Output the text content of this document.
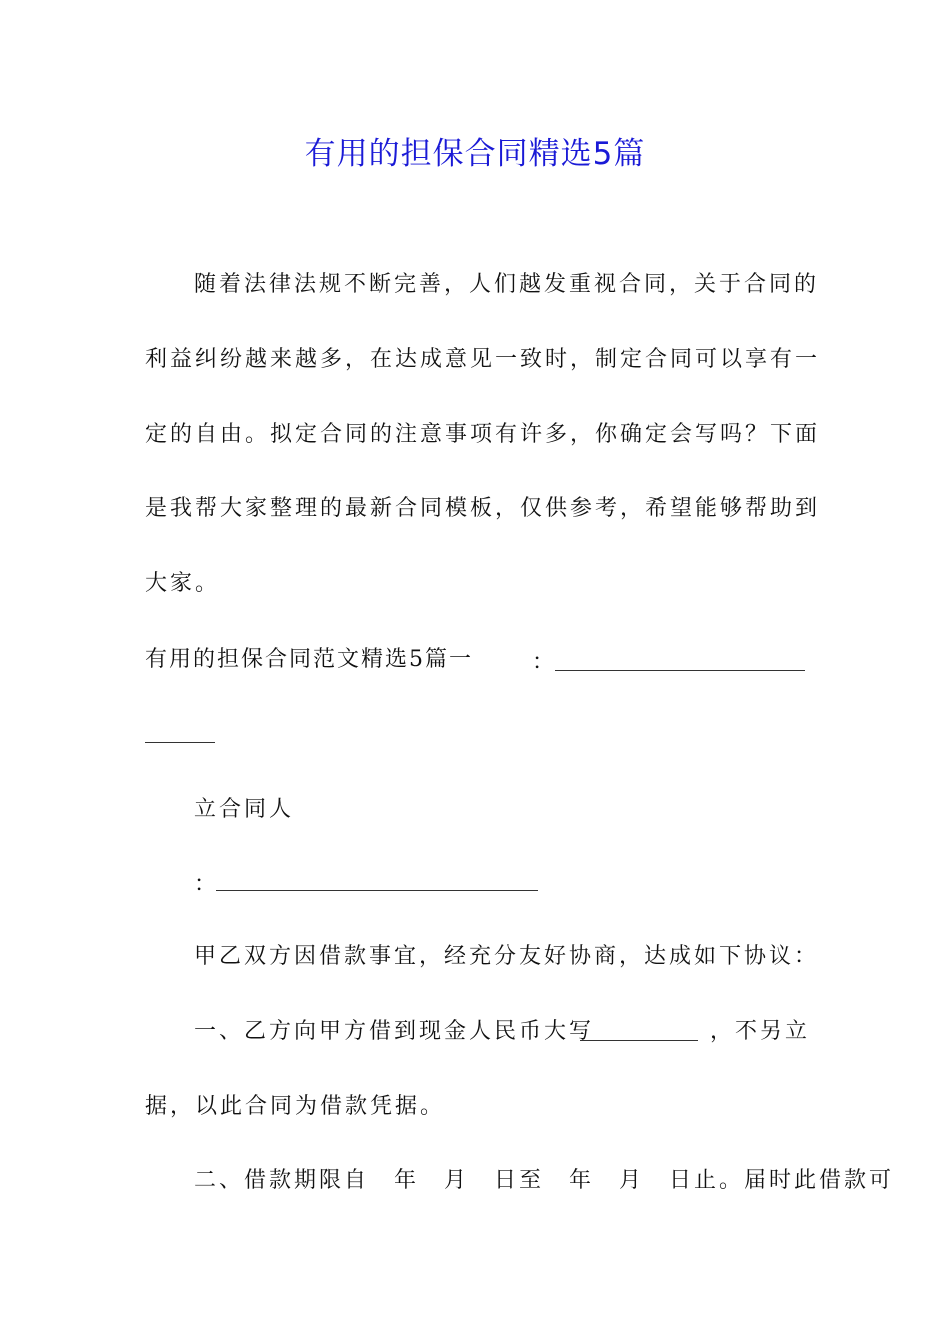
有用的担保合同精选5篇
随着法律法规不断完善，人们越发重视合同，关于合同的
利益纠纷越来越多，在达成意见一致时，制定合同可以享有一
定的自由。拟定合同的注意事项有许多，你确定会写吗？下面
是我帮大家整理的最新合同模板，仅供参考，希望能够帮助到
大家。
有用的担保合同范文精选5篇一	：
立合同人
：
甲乙双方因借款事宜，经充分友好协商，达成如下协议：
一、乙方向甲方借到现金人民币大写	，不另立
据，以此合同为借款凭据。
二、借款期限自　年　月　日至　年　月　日止。届时此借款可
